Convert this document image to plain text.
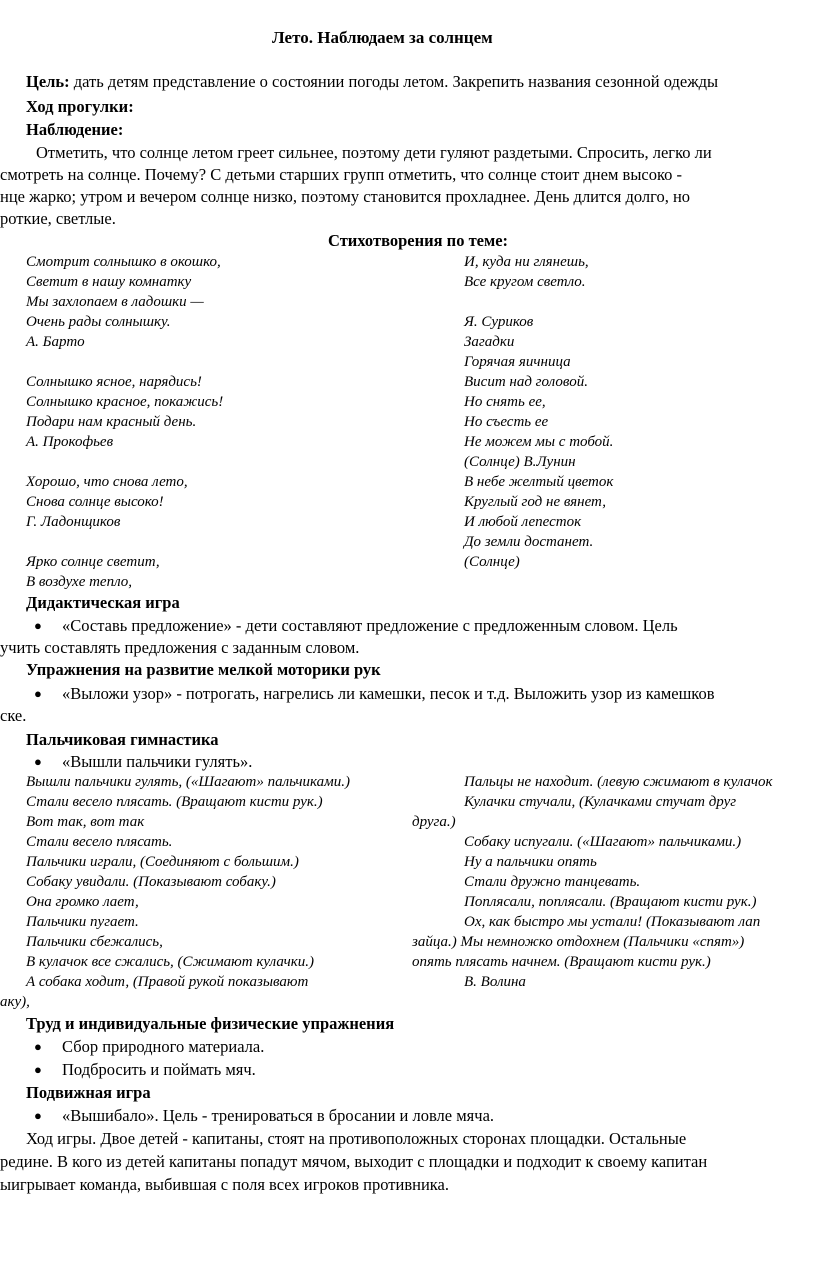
Лето. Наблюдаем за солнцем
Цель: дать детям представление о состоянии погоды летом. Закрепить названия сезонной одежды
Ход прогулки:
Наблюдение:
Отметить, что солнце летом греет сильнее, поэтому дети гуляют раздетыми. Спросить, легко ли
смотреть на солнце. Почему? С детьми старших групп отметить, что солнце стоит днем высоко -
нце жарко; утром и вечером солнце низко, поэтому становится прохладнее. День длится долго, но
роткие, светлые.
Стихотворения по теме:
Смотрит солнышко в окошко,
Светит в нашу комнатку
Мы захлопаем в ладошки —
Очень рады солнышку.
А. Барто
Солнышко ясное, нарядись!
Солнышко красное, покажись!
Подари нам красный день.
А. Прокофьев
Хорошо, что снова лето,
Снова солнце высоко!
Г. Ладонщиков
Ярко солнце светит,
В воздухе тепло,
И, куда ни глянешь,
Все кругом светло.
Я. Суриков
Загадки
Горячая яичница
Висит над головой.
Но снять ее,
Но съесть ее
Не можем мы с тобой.
(Солнце) В.Лунин
В небе желтый цветок
Круглый год не вянет,
И любой лепесток
До земли достанет.
(Солнце)
Дидактическая игра
● «Составь предложение» - дети составляют предложение с предложенным словом. Цель
учить составлять предложения с заданным словом.
Упражнения на развитие мелкой моторики рук
● «Выложи узор» - потрогать, нагрелись ли камешки, песок и т.д. Выложить узор из камешков
ске.
Пальчиковая гимнастика
● «Вышли пальчики гулять».
Вышли пальчики гулять, («Шагают» пальчиками.)
Стали весело плясать. (Вращают кисти рук.)
Вот так, вот так
Стали весело плясать.
Пальчики играли, (Соединяют с большим.)
Собаку увидали. (Показывают собаку.)
Она громко лает,
Пальчики пугает.
Пальчики сбежались,
В кулачок все сжались, (Сжимают кулачки.)
А собака ходит, (Правой рукой показывают
аку),
Пальцы не находит. (левую сжимают в кулачок
Кулачки стучали, (Кулачками стучат друг
друга.)
Собаку испугали. («Шагают» пальчиками.)
Ну а пальчики опять
Стали дружно танцевать.
Поплясали, поплясали. (Вращают кисти рук.)
Ох, как быстро мы устали! (Показывают лап
зайца.) Мы немножко отдохнем (Пальчики «спят»)
опять плясать начнем. (Вращают кисти рук.)
В. Волина
Труд и индивидуальные физические упражнения
● Сбор природного материала.
● Подбросить и поймать мяч.
Подвижная игра
● «Вышибало». Цель - тренироваться в бросании и ловле мяча.
Ход игры. Двое детей - капитаны, стоят на противоположных сторонах площадки. Остальные
редине. В кого из детей капитаны попадут мячом, выходит с площадки и подходит к своему капитан
ыигрывает команда, выбившая с поля всех игроков противника.
